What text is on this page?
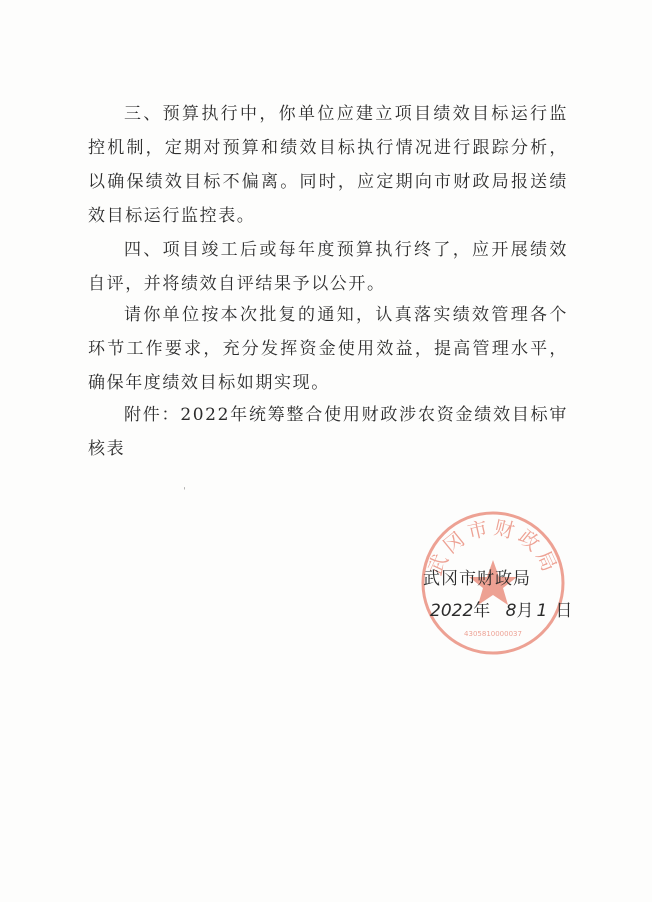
三、预算执行中，你单位应建立项目绩效目标运行监控机制，定期对预算和绩效目标执行情况进行跟踪分析，以确保绩效目标不偏离。同时，应定期向市财政局报送绩效目标运行监控表。

四、项目竣工后或每年度预算执行终了，应开展绩效自评，并将绩效自评结果予以公开。

请你单位按本次批复的通知，认真落实绩效管理各个环节工作要求，充分发挥资金使用效益，提高管理水平，确保年度绩效目标如期实现。

附件：2022年统筹整合使用财政涉农资金绩效目标审核表

武冈市财政局
4305810000037
武冈市财政局
2022年 8月 1 日
ˈ
